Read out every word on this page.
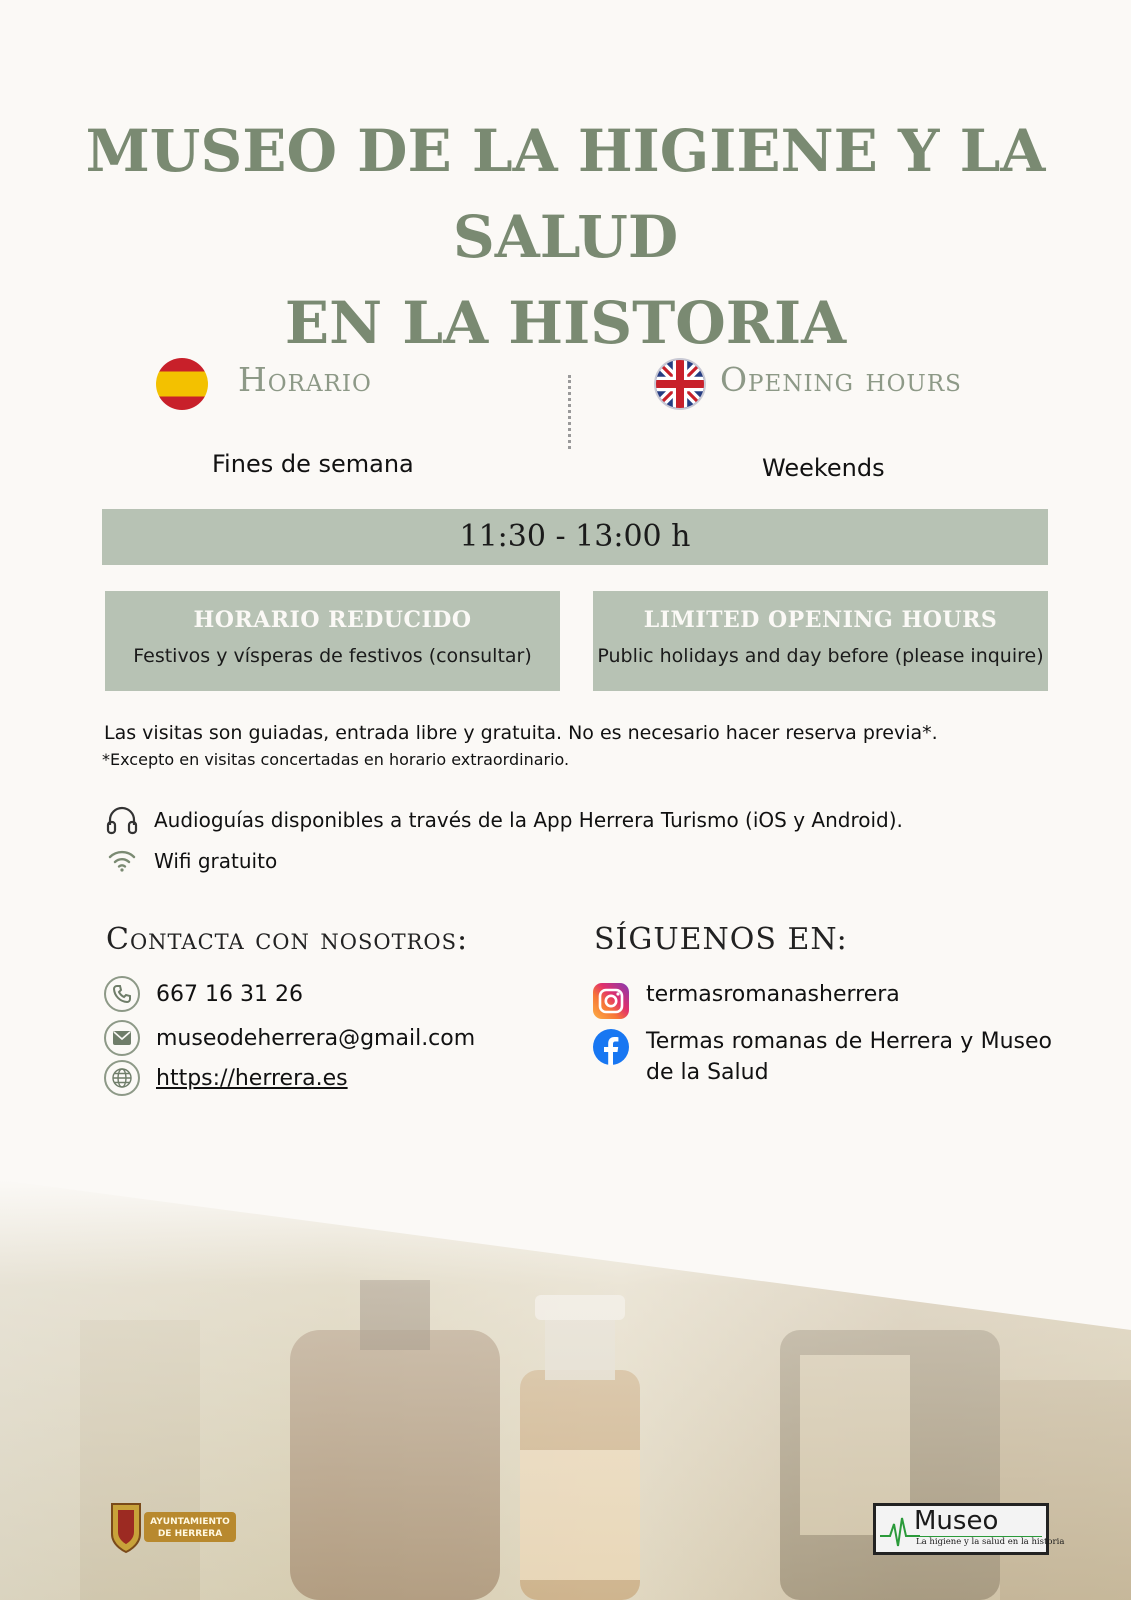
MUSEO DE LA HIGIENE Y LA SALUD
EN LA HISTORIA
Horario	Opening hours
Fines de semana	Weekends
11:30 - 13:00 h
HORARIO REDUCIDO
Festivos y vísperas de festivos (consultar)
LIMITED OPENING HOURS
Public holidays and day before (please inquire)
Las visitas son guiadas, entrada libre y gratuita. No es necesario hacer reserva previa*.
*Excepto en visitas concertadas en horario extraordinario.
Audioguías disponibles a través de la App Herrera Turismo (iOS y Android).
Wifi gratuito
Contacta con nosotros:	SÍGUENOS EN:
667 16 31 26
museodeherrera@gmail.com
https://herrera.es
termasromanasherrera
Termas romanas de Herrera y Museo de la Salud
AYUNTAMIENTO
DE HERRERA	Museo
La higiene y la salud en la historia
